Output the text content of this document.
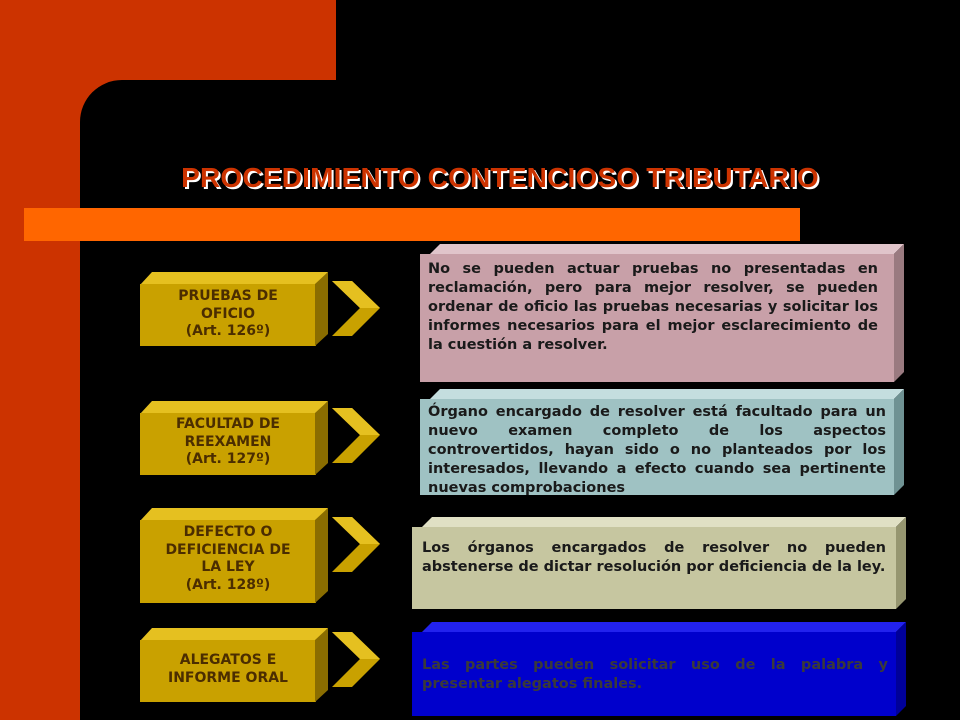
PROCEDIMIENTO CONTENCIOSO TRIBUTARIO
PRUEBAS DE
OFICIO
(Art. 126º)
No se pueden actuar pruebas no presentadas en reclamación, pero para mejor resolver, se pueden ordenar de oficio las pruebas necesarias y solicitar los informes necesarios para el mejor esclarecimiento de la cuestión a resolver.
FACULTAD DE
REEXAMEN
(Art. 127º)
Órgano encargado de resolver está facultado para un nuevo examen completo de los aspectos controvertidos, hayan sido o no planteados por los interesados, llevando a efecto cuando sea pertinente nuevas comprobaciones
DEFECTO O
DEFICIENCIA DE
LA LEY
(Art. 128º)
Los órganos encargados de resolver no pueden abstenerse de dictar resolución por deficiencia de la ley.
ALEGATOS E
INFORME ORAL
Las partes pueden solicitar uso de la palabra y presentar alegatos finales.
